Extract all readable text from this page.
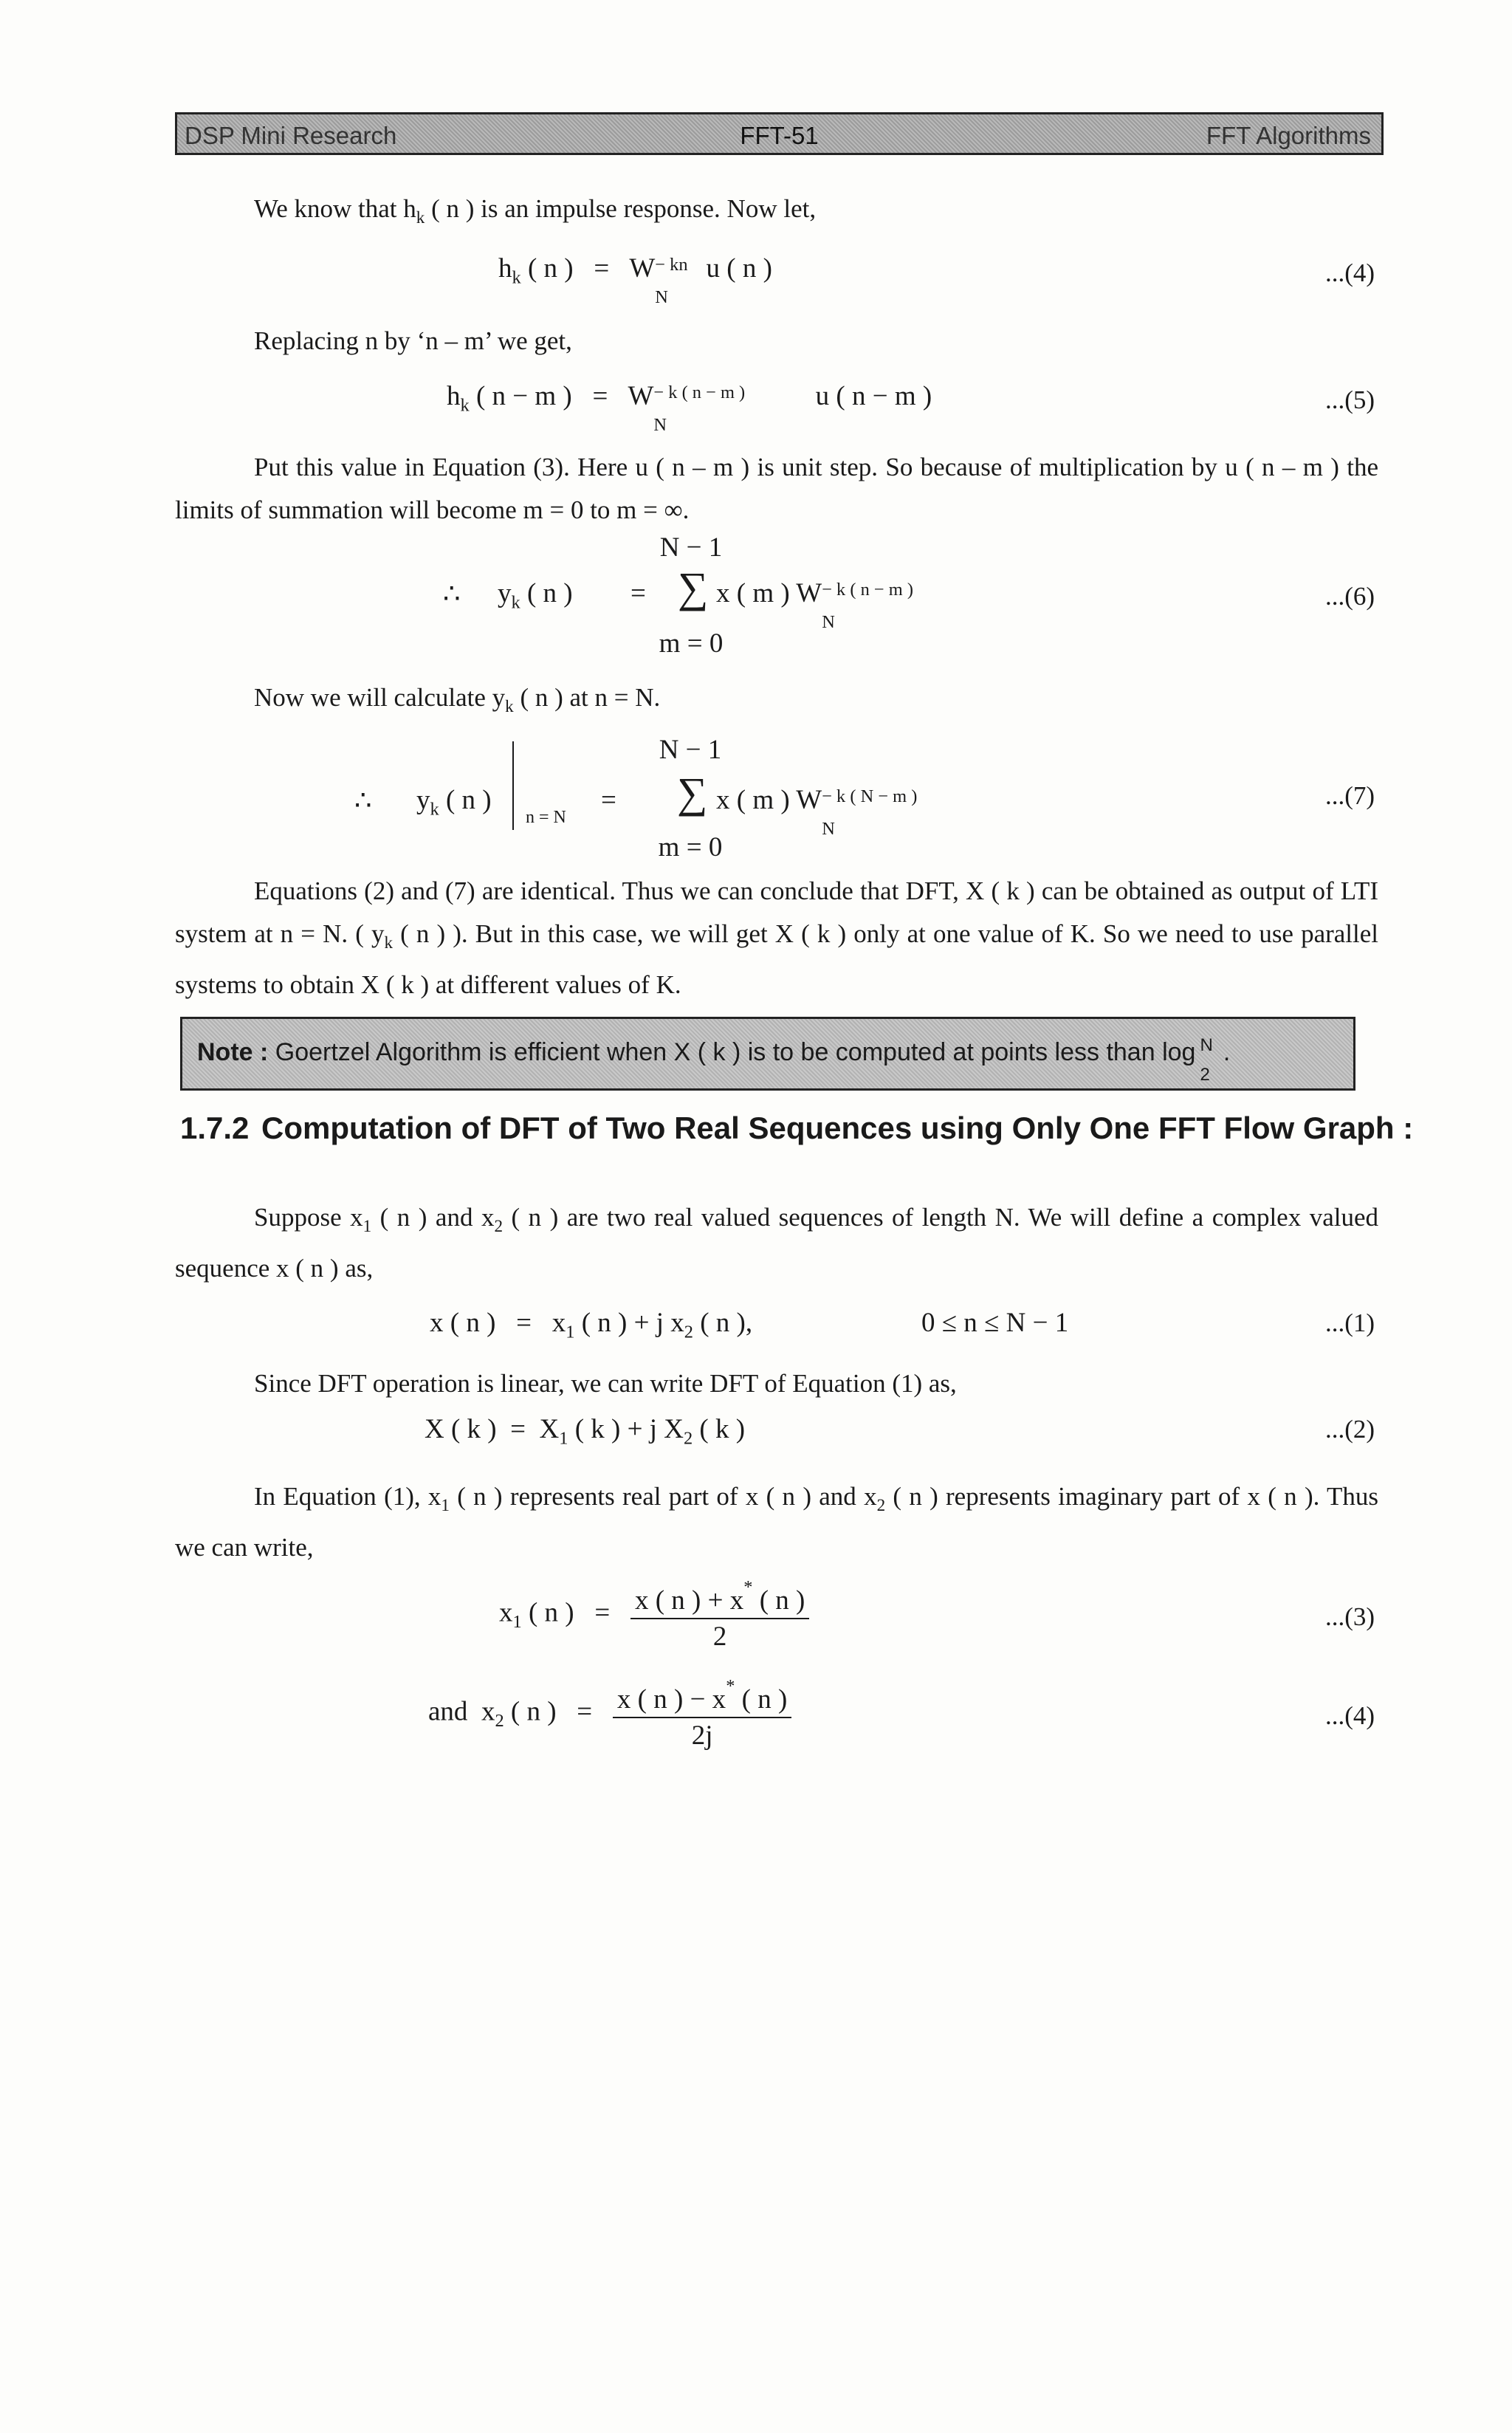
DSP Mini Research	FFT-51	FFT Algorithms

We know that $h_k$ ( n ) is an impulse response. Now let,

$h_k$ ( n ) = W − kn
N
u ( n )	...(4)

Replacing n by ‘n – m’ we get,

$h_k$ ( n − m ) = W − k ( n − m )
N
u ( n − m )	...(5)

Put this value in Equation (3). Here u ( n – m ) is unit step. So because of multiplication by u ( n – m ) the limits of summation will become m = 0 to m = ∞.

∴ $y_k$ ( n ) =
N − 1
∑
m = 0
x ( m ) W − k ( n − m )
N
...(6)

Now we will calculate $y_k$ ( n ) at n = N.

∴ $y_k$ ( n )
n = N
=
N − 1
∑
m = 0
x ( m ) W − k ( N − m )
N
...(7)

Equations (2) and (7) are identical. Thus we can conclude that DFT, X ( k ) can be obtained as output of LTI system at n = N. ( $y_k$ ( n ) ). But in this case, we will get X ( k ) only at one value of K. So we need to use parallel systems to obtain X ( k ) at different values of K.

Note : Goertzel Algorithm is efficient when X ( k ) is to be computed at points less than log N
2
.
1.7.2 Computation of DFT of Two Real Sequences using Only One FFT Flow Graph :

Suppose $x_1$ ( n ) and $x_2$ ( n ) are two real valued sequences of length N. We will define a complex valued sequence x ( n ) as,

x ( n ) = $x_1$ ( n ) + j $x_2$ ( n ),	0 ≤ n ≤ N − 1	...(1)

Since DFT operation is linear, we can write DFT of Equation (1) as,

X ( k ) = $X_1$ ( k ) + j $X_2$ ( k )	...(2)

In Equation (1), $x_1$ ( n ) represents real part of x ( n ) and $x_2$ ( n ) represents imaginary part of x ( n ). Thus we can write,

$x_1$ ( n ) = $\frac{x ( n ) + x^* ( n )}{2}$	...(3)
and $x_2$ ( n ) = $\frac{x ( n ) - x^* ( n )}{2j}$	...(4)
